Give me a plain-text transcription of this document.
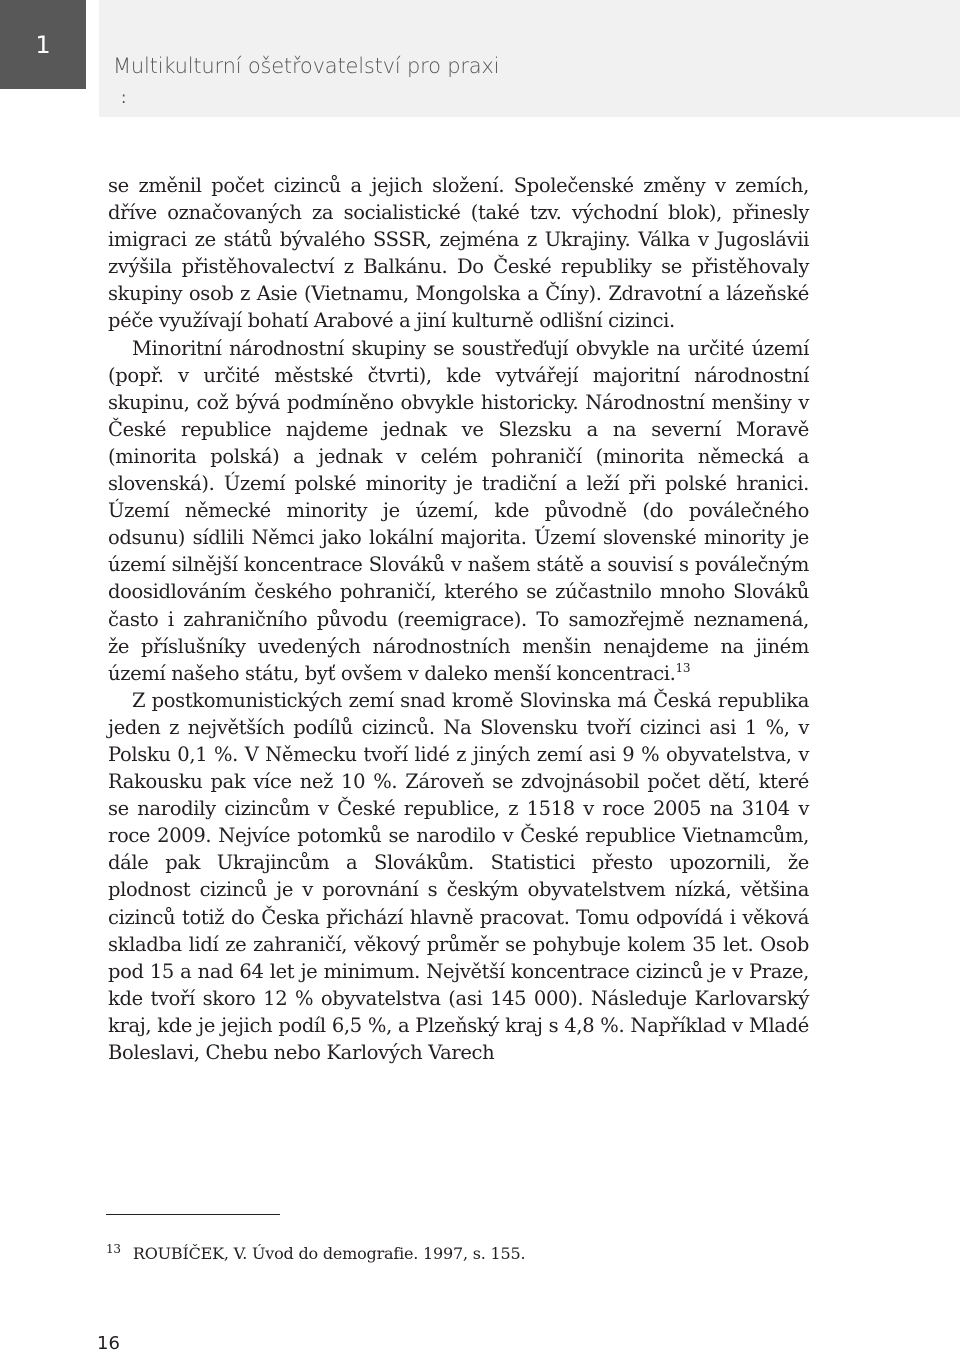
1
Multikulturní ošetřovatelství pro praxi
:

se změnil počet cizinců a jejich složení. Společenské změny v zemích, dříve označovaných za socialistické (také tzv. východní blok), přinesly imigraci ze států bývalého SSSR, zejména z Ukrajiny. Válka v Jugoslávii zvýšila přistěhovalectví z Balkánu. Do České republiky se přistěhovaly skupiny osob z Asie (Vietnamu, Mongolska a Číny). Zdravotní a lázeňské péče využívají bohatí Arabové a jiní kulturně odlišní cizinci.

Minoritní národnostní skupiny se soustřeďují obvykle na určité území (popř. v určité městské čtvrti), kde vytvářejí majoritní národnostní skupinu, což bývá podmíněno obvykle historicky. Národnostní menšiny v České republice najdeme jednak ve Slezsku a na severní Moravě (minorita polská) a jednak v celém pohraničí (minorita německá a slovenská). Území polské minority je tradiční a leží při polské hranici. Území německé minority je území, kde původně (do poválečného odsunu) sídlili Němci jako lokální majorita. Území slovenské minority je území silnější koncentrace Slováků v našem státě a souvisí s poválečným doosidlováním českého pohraničí, kterého se zúčastnilo mnoho Slováků často i zahraničního původu (reemigrace). To samozřejmě neznamená, že příslušníky uvedených národnostních menšin nenajdeme na jiném území našeho státu, byť ovšem v daleko menší koncentraci.$^{13}$

Z postkomunistických zemí snad kromě Slovinska má Česká republika jeden z největších podílů cizinců. Na Slovensku tvoří cizinci asi 1 %, v Polsku 0,1 %. V Německu tvoří lidé z jiných zemí asi 9 % obyvatelstva, v Rakousku pak více než 10 %. Zároveň se zdvojnásobil počet dětí, které se narodily cizincům v České republice, z 1518 v roce 2005 na 3104 v roce 2009. Nejvíce potomků se narodilo v České republice Vietnamcům, dále pak Ukrajincům a Slovákům. Statistici přesto upozornili, že plodnost cizinců je v porovnání s českým obyvatelstvem nízká, většina cizinců totiž do Česka přichází hlavně pracovat. Tomu odpovídá i věková skladba lidí ze zahraničí, věkový průměr se pohybuje kolem 35 let. Osob pod 15 a nad 64 let je minimum. Největší koncentrace cizinců je v Praze, kde tvoří skoro 12 % obyvatelstva (asi 145 000). Následuje Karlovarský kraj, kde je jejich podíl 6,5 %, a Plzeňský kraj s 4,8 %. Například v Mladé Boleslavi, Chebu nebo Karlových Varech

$^{13}$ ROUBÍČEK, V. Úvod do demografie. 1997, s. 155.
16
